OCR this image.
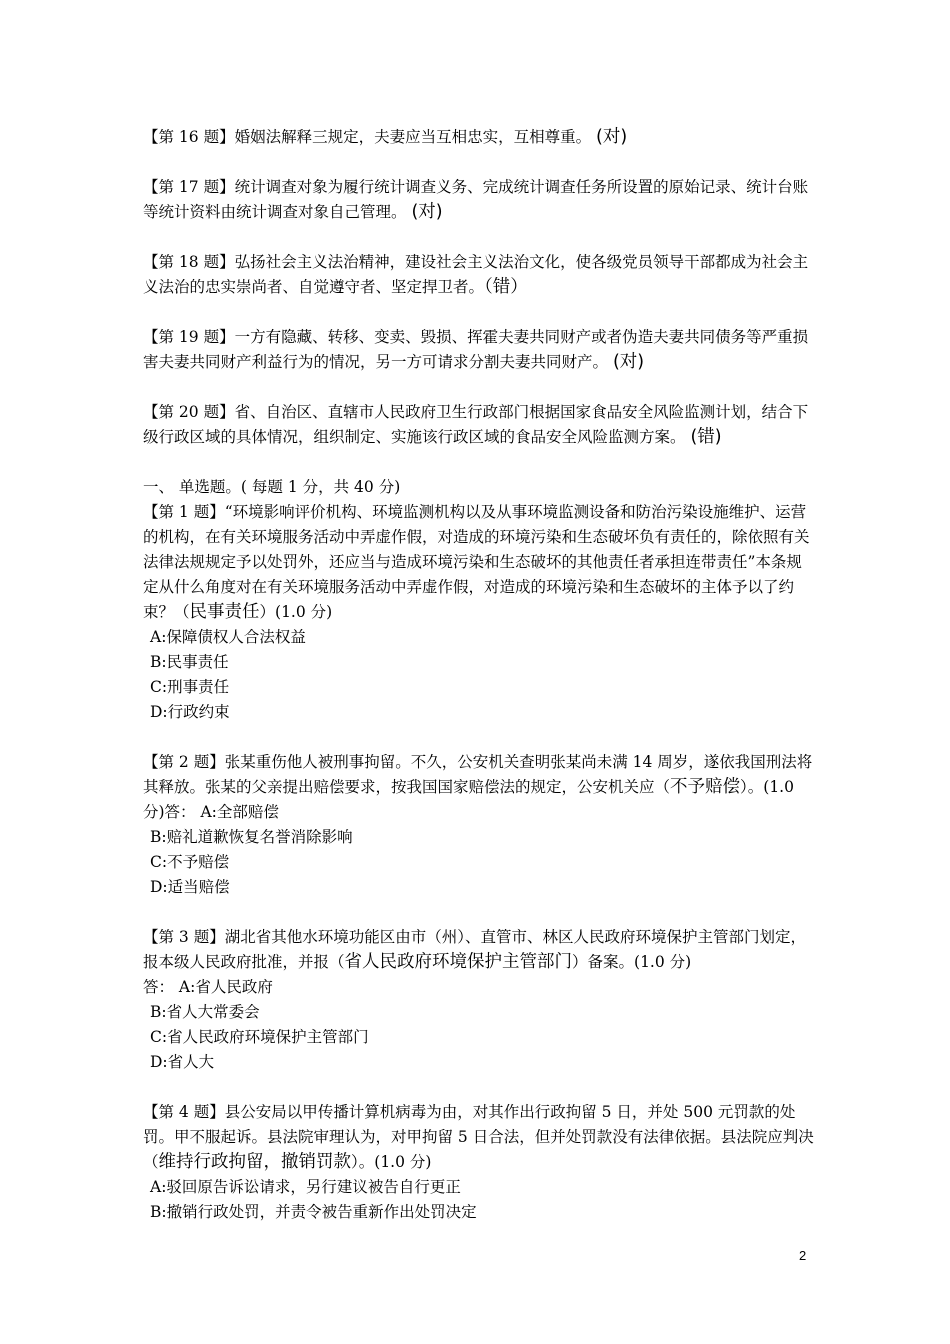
【第 16 题】婚姻法解释三规定，夫妻应当互相忠实，互相尊重。 (对)

【第 17 题】统计调查对象为履行统计调查义务、完成统计调查任务所设置的原始记录、统计台账等统计资料由统计调查对象自己管理。 (对)

【第 18 题】弘扬社会主义法治精神，建设社会主义法治文化，使各级党员领导干部都成为社会主义法治的忠实崇尚者、自觉遵守者、坚定捍卫者。（错）

【第 19 题】一方有隐藏、转移、变卖、毁损、挥霍夫妻共同财产或者伪造夫妻共同债务等严重损害夫妻共同财产利益行为的情况，另一方可请求分割夫妻共同财产。 (对)

【第 20 题】省、自治区、直辖市人民政府卫生行政部门根据国家食品安全风险监测计划，结合下级行政区域的具体情况，组织制定、实施该行政区域的食品安全风险监测方案。 (错)

一、 单选题。( 每题 1 分，共 40 分)

【第 1 题】“环境影响评价机构、环境监测机构以及从事环境监测设备和防治污染设施维护、运营的机构，在有关环境服务活动中弄虚作假，对造成的环境污染和生态破坏负有责任的，除依照有关法律法规规定予以处罚外，还应当与造成环境污染和生态破坏的其他责任者承担连带责任”本条规定从什么角度对在有关环境服务活动中弄虚作假，对造成的环境污染和生态破坏的主体予以了约束？（民事责任）(1.0 分)

A:保障债权人合法权益

B:民事责任

C:刑事责任

D:行政约束

【第 2 题】张某重伤他人被刑事拘留。不久，公安机关查明张某尚未满 14 周岁，遂依我国刑法将其释放。张某的父亲提出赔偿要求，按我国国家赔偿法的规定，公安机关应（不予赔偿）。(1.0 分)答： A:全部赔偿

B:赔礼道歉恢复名誉消除影响

C:不予赔偿

D:适当赔偿

【第 3 题】湖北省其他水环境功能区由市（州）、直管市、林区人民政府环境保护主管部门划定，报本级人民政府批准，并报（省人民政府环境保护主管部门）备案。(1.0 分)

答： A:省人民政府

B:省人大常委会

C:省人民政府环境保护主管部门

D:省人大

【第 4 题】县公安局以甲传播计算机病毒为由，对其作出行政拘留 5 日，并处 500 元罚款的处罚。甲不服起诉。县法院审理认为，对甲拘留 5 日合法，但并处罚款没有法律依据。县法院应判决（维持行政拘留，撤销罚款）。(1.0 分)

A:驳回原告诉讼请求，另行建议被告自行更正

B:撤销行政处罚，并责令被告重新作出处罚决定

2
